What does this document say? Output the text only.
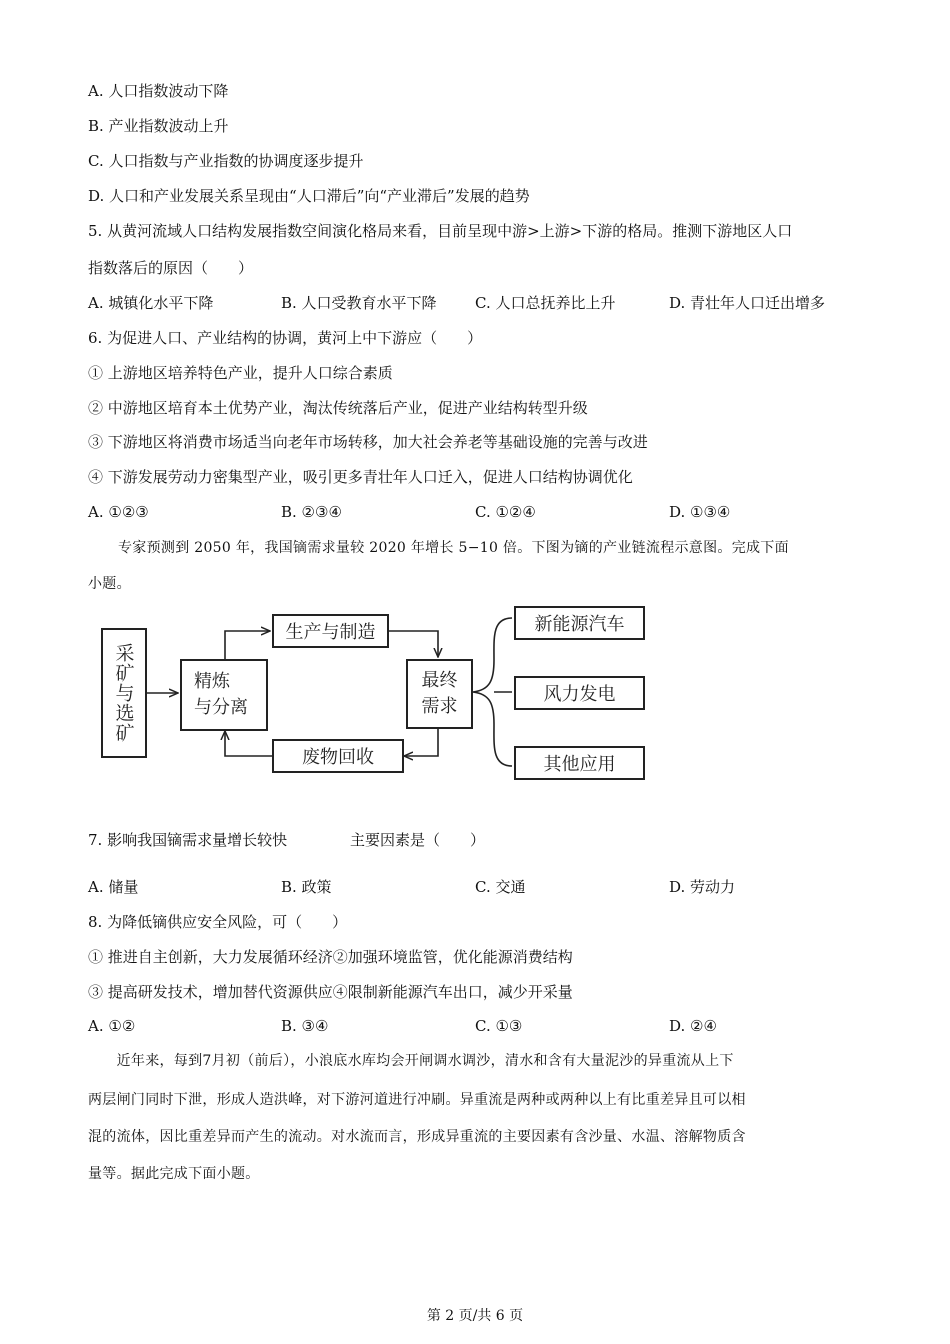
A. 人口指数波动下降
B. 产业指数波动上升
C. 人口指数与产业指数的协调度逐步提升
D. 人口和产业发展关系呈现由“人口滞后”向“产业滞后”发展的趋势
5. 从黄河流域人口结构发展指数空间演化格局来看，目前呈现中游>上游>下游的格局。推测下游地区人口
指数落后的原因（　　）
A. 城镇化水平下降	B. 人口受教育水平下降	C. 人口总抚养比上升	D. 青壮年人口迁出增多
6. 为促进人口、产业结构的协调，黄河上中下游应（　　）
① 上游地区培养特色产业，提升人口综合素质
② 中游地区培育本土优势产业，淘汰传统落后产业，促进产业结构转型升级
③ 下游地区将消费市场适当向老年市场转移，加大社会养老等基础设施的完善与改进
④ 下游发展劳动力密集型产业，吸引更多青壮年人口迁入，促进人口结构协调优化
A. ①②③	B. ②③④	C. ①②④	D. ①③④
专家预测到 2050 年，我国镝需求量较 2020 年增长 5−10 倍。下图为镝的产业链流程示意图。完成下面
小题。
采矿与选矿	精炼
与分离
生产与制造
废物回收
最终
需求
新能源汽车
风力发电
其他应用
7. 影响我国镝需求量增长较快	主要因素是（　　）
A. 储量	B. 政策	C. 交通	D. 劳动力
8. 为降低镝供应安全风险，可（　　）
① 推进自主创新，大力发展循环经济②加强环境监管，优化能源消费结构
③ 提高研发技术，增加替代资源供应④限制新能源汽车出口，减少开采量
A. ①②	B. ③④	C. ①③	D. ②④
　　近年来，每到7月初（前后），小浪底水库均会开闸调水调沙，清水和含有大量泥沙的异重流从上下
两层闸门同时下泄，形成人造洪峰，对下游河道进行冲刷。异重流是两种或两种以上有比重差异且可以相
混的流体，因比重差异而产生的流动。对水流而言，形成异重流的主要因素有含沙量、水温、溶解物质含
量等。据此完成下面小题。
第 2 页/共 6 页
